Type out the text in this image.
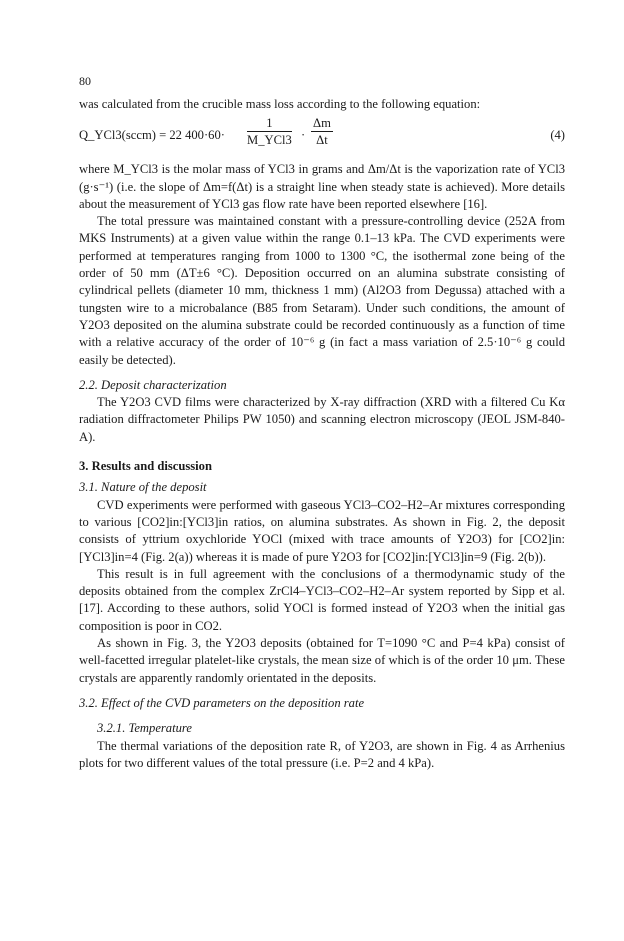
80

was calculated from the crucible mass loss according to the following equation:

Q_YCl3(sccm) = 22 400·60·
1
M_YCl3 · $\frac{\Delta m}{\Delta t}$	(4)

where M_YCl3 is the molar mass of YCl3 in grams and Δm/Δt is the vaporization rate of YCl3 (g·s⁻¹) (i.e. the slope of Δm=f(Δt) is a straight line when steady state is achieved). More details about the measurement of YCl3 gas flow rate have been reported elsewhere [16].

The total pressure was maintained constant with a pressure-controlling device (252A from MKS Instruments) at a given value within the range 0.1–13 kPa. The CVD experiments were performed at temperatures ranging from 1000 to 1300 °C, the isothermal zone being of the order of 50 mm (ΔT±6 °C). Deposition occurred on an alumina substrate consisting of cylindrical pellets (diameter 10 mm, thickness 1 mm) (Al2O3 from Degussa) attached with a tungsten wire to a microbalance (B85 from Setaram). Under such conditions, the amount of Y2O3 deposited on the alumina substrate could be recorded continuously as a function of time with a relative accuracy of the order of 10⁻⁶ g (in fact a mass variation of 2.5·10⁻⁶ g could easily be detected).

2.2. Deposit characterization

The Y2O3 CVD films were characterized by X-ray diffraction (XRD with a filtered Cu Kα radiation diffractometer Philips PW 1050) and scanning electron microscopy (JEOL JSM-840-A).

3. Results and discussion
3.1. Nature of the deposit

CVD experiments were performed with gaseous YCl3–CO2–H2–Ar mixtures corresponding to various [CO2]in:[YCl3]in ratios, on alumina substrates. As shown in Fig. 2, the deposit consists of yttrium oxychloride YOCl (mixed with trace amounts of Y2O3) for [CO2]in:[YCl3]in=4 (Fig. 2(a)) whereas it is made of pure Y2O3 for [CO2]in:[YCl3]in=9 (Fig. 2(b)).

This result is in full agreement with the conclusions of a thermodynamic study of the deposits obtained from the complex ZrCl4–YCl3–CO2–H2–Ar system reported by Sipp et al. [17]. According to these authors, solid YOCl is formed instead of Y2O3 when the initial gas composition is poor in CO2.

As shown in Fig. 3, the Y2O3 deposits (obtained for T=1090 °C and P=4 kPa) consist of well-facetted irregular platelet-like crystals, the mean size of which is of the order 10 μm. These crystals are apparently randomly orientated in the deposits.

3.2. Effect of the CVD parameters on the deposition rate
3.2.1. Temperature

The thermal variations of the deposition rate R, of Y2O3, are shown in Fig. 4 as Arrhenius plots for two different values of the total pressure (i.e. P=2 and 4 kPa).
